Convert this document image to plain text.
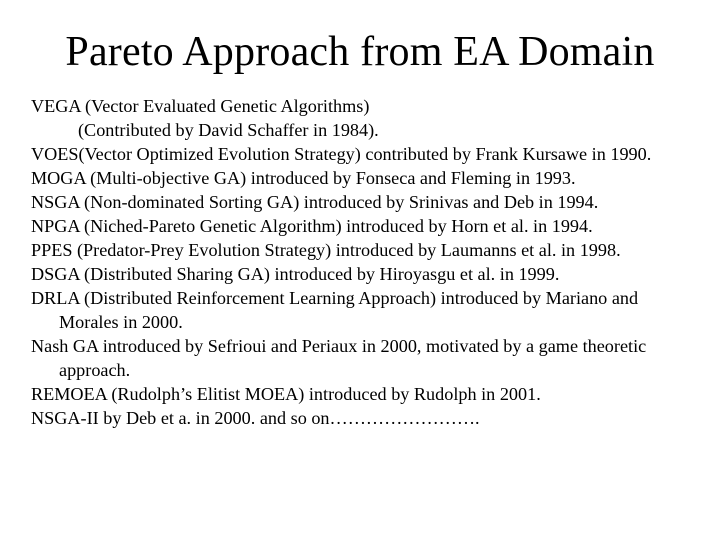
Pareto Approach from EA Domain

VEGA (Vector Evaluated Genetic Algorithms)

(Contributed by David Schaffer in 1984).

VOES(Vector Optimized Evolution Strategy) contributed by Frank Kursawe in 1990.

MOGA (Multi-objective GA) introduced by Fonseca and Fleming in 1993.

NSGA (Non-dominated Sorting GA) introduced by Srinivas and Deb in 1994.

NPGA (Niched-Pareto Genetic Algorithm) introduced by Horn et al. in 1994.

PPES (Predator-Prey Evolution Strategy) introduced by Laumanns et al. in 1998.

DSGA (Distributed Sharing GA) introduced by Hiroyasgu et al. in 1999.

DRLA (Distributed Reinforcement Learning Approach) introduced by Mariano and Morales in 2000.

Nash GA introduced by Sefrioui and Periaux in 2000, motivated by a game theoretic approach.

REMOEA (Rudolph’s Elitist MOEA) introduced by Rudolph in 2001.

NSGA-II by Deb et a. in 2000. and so on…………………….
